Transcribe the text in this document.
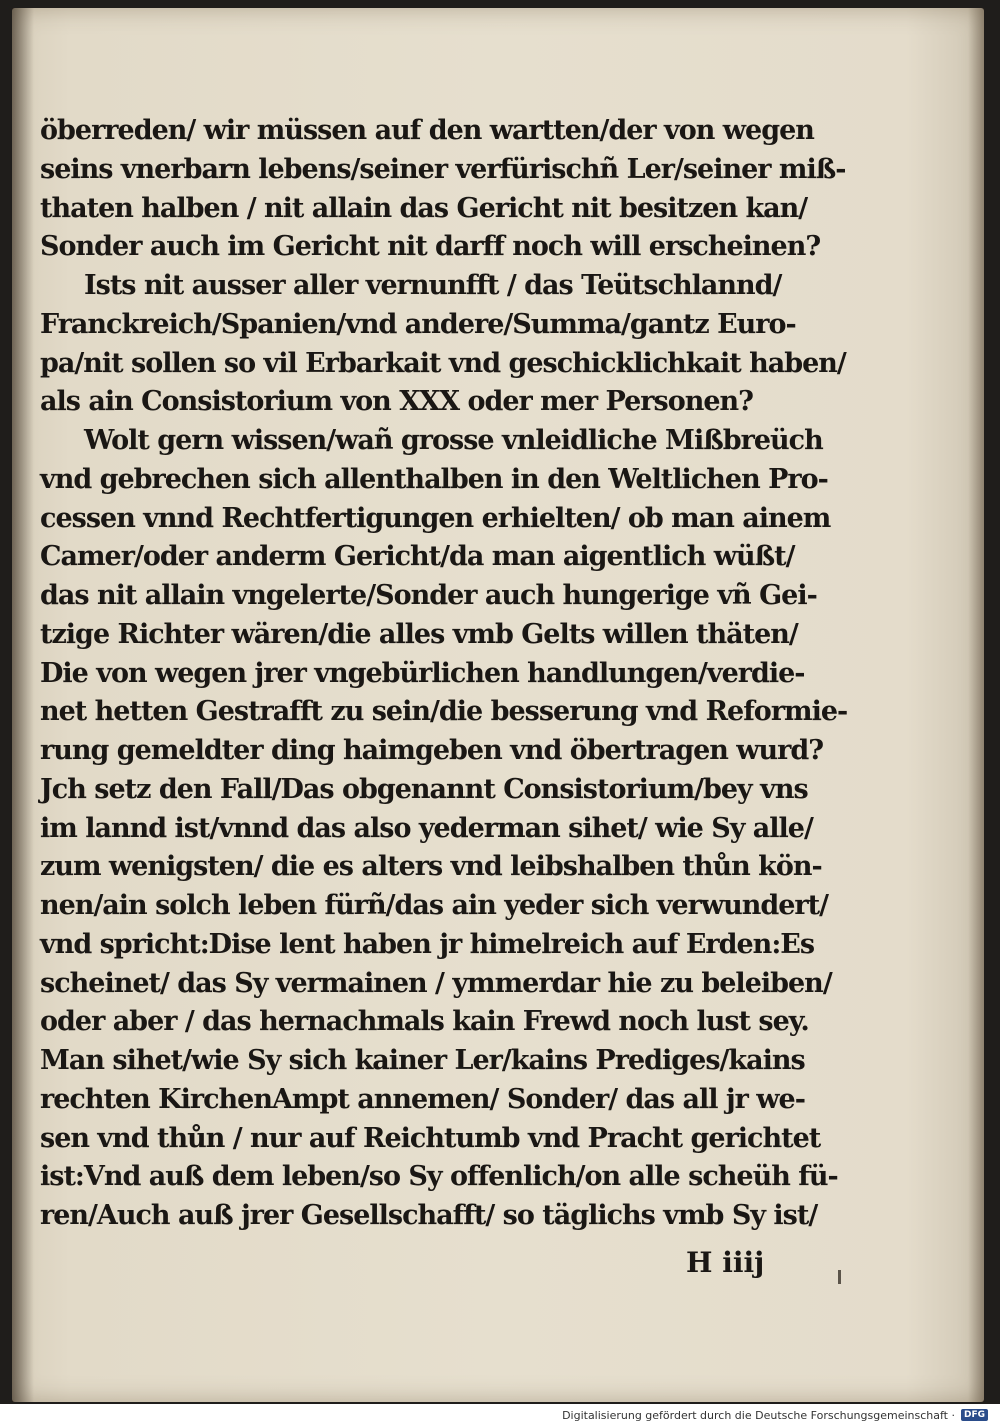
öberreden/ wir müssen auf den wartten/der von wegen
seins vnerbarn lebens/seiner verfürischñ Ler/seiner miß-
thaten halben / nit allain das Gericht nit besitzen kan/
Sonder auch im Gericht nit darff noch will erscheinen?
Ists nit ausser aller vernunfft / das Teütschlannd/
Franckreich/Spanien/vnd andere/Summa/gantz Euro-
pa/nit sollen so vil Erbarkait vnd geschicklichkait haben/
als ain Consistorium von XXX oder mer Personen?
Wolt gern wissen/wañ grosse vnleidliche Mißbreüch
vnd gebrechen sich allenthalben in den Weltlichen Pro-
cessen vnnd Rechtfertigungen erhielten/ ob man ainem
Camer/oder anderm Gericht/da man aigentlich wüßt/
das nit allain vngelerte/Sonder auch hungerige vñ Gei-
tzige Richter wären/die alles vmb Gelts willen thäten/
Die von wegen jrer vngebürlichen handlungen/verdie-
net hetten Gestrafft zu sein/die besserung vnd Reformie-
rung gemeldter ding haimgeben vnd öbertragen wurd?
Jch setz den Fall/Das obgenannt Consistorium/bey vns
im lannd ist/vnnd das also yederman sihet/ wie Sy alle/
zum wenigsten/ die es alters vnd leibshalben thůn kön-
nen/ain solch leben fürñ/das ain yeder sich verwundert/
vnd spricht:Dise lent haben jr himelreich auf Erden:Es
scheinet/ das Sy vermainen / ymmerdar hie zu beleiben/
oder aber / das hernachmals kain Frewd noch lust sey.
Man sihet/wie Sy sich kainer Ler/kains Prediges/kains
rechten KirchenAmpt annemen/ Sonder/ das all jr we-
sen vnd thůn / nur auf Reichtumb vnd Pracht gerichtet
ist:Vnd auß dem leben/so Sy offenlich/on alle scheüh fü-
ren/Auch auß jrer Gesellschafft/ so täglichs vmb Sy ist/
H iiij
Digitalisierung gefördert durch die Deutsche Forschungsgemeinschaft ·	DFG
